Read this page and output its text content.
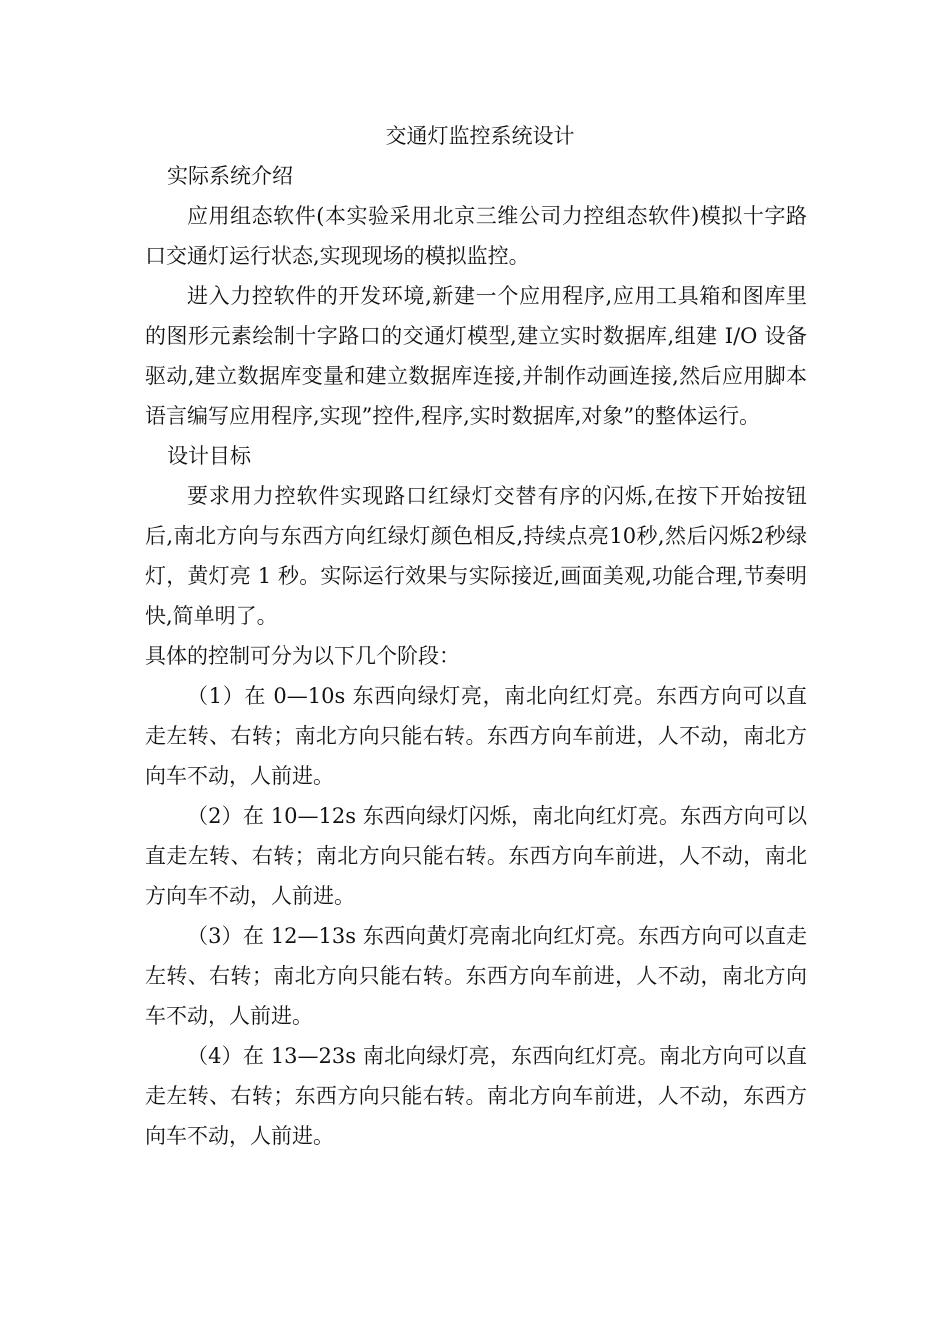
交通灯监控系统设计
实际系统介绍

应用组态软件(本实验采用北京三维公司力控组态软件)模拟十字路口交通灯运行状态,实现现场的模拟监控。

进入力控软件的开发环境,新建一个应用程序,应用工具箱和图库里的图形元素绘制十字路口的交通灯模型,建立实时数据库,组建 I/O 设备驱动,建立数据库变量和建立数据库连接,并制作动画连接,然后应用脚本语言编写应用程序,实现”控件,程序,实时数据库,对象”的整体运行。

设计目标

要求用力控软件实现路口红绿灯交替有序的闪烁,在按下开始按钮后,南北方向与东西方向红绿灯颜色相反,持续点亮10秒,然后闪烁2秒绿灯，黄灯亮 1 秒。实际运行效果与实际接近,画面美观,功能合理,节奏明快,简单明了。

具体的控制可分为以下几个阶段：

（1）在 0—10s 东西向绿灯亮，南北向红灯亮。东西方向可以直走左转、右转；南北方向只能右转。东西方向车前进，人不动，南北方向车不动，人前进。

（2）在 10—12s 东西向绿灯闪烁，南北向红灯亮。东西方向可以直走左转、右转；南北方向只能右转。东西方向车前进，人不动，南北方向车不动，人前进。

（3）在 12—13s 东西向黄灯亮南北向红灯亮。东西方向可以直走左转、右转；南北方向只能右转。东西方向车前进，人不动，南北方向车不动，人前进。

（4）在 13—23s 南北向绿灯亮，东西向红灯亮。南北方向可以直走左转、右转；东西方向只能右转。南北方向车前进，人不动，东西方向车不动，人前进。
